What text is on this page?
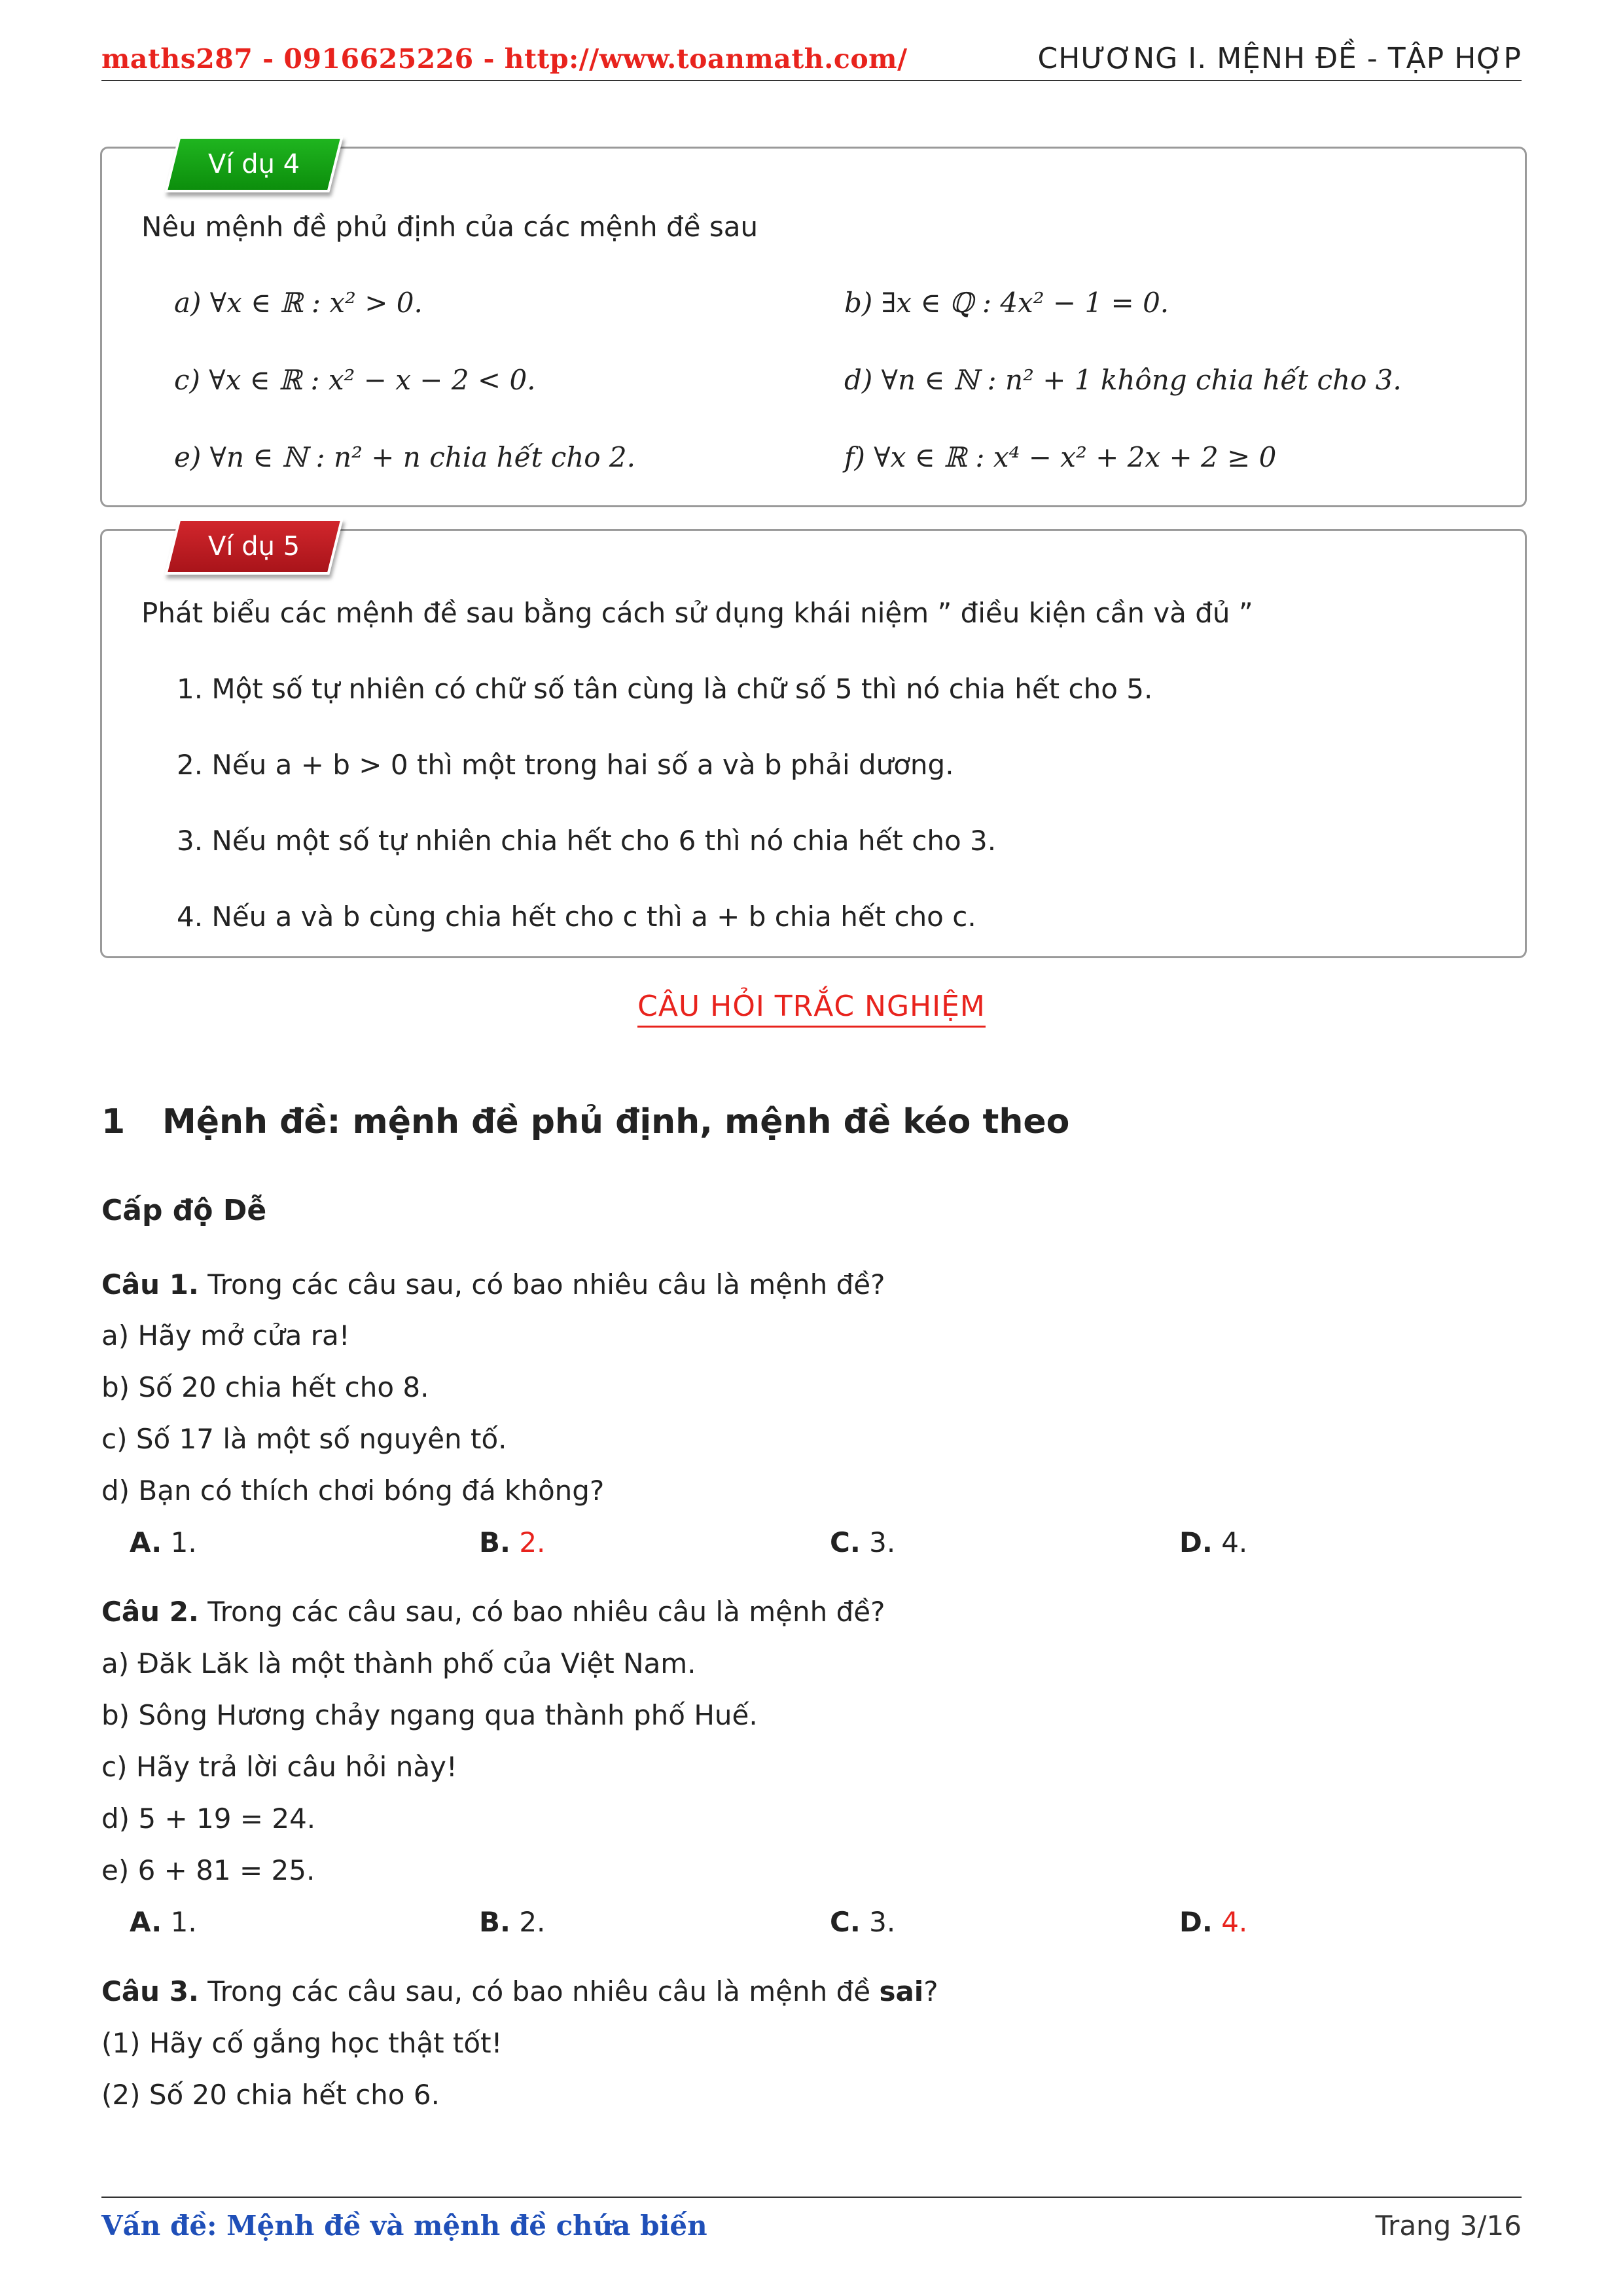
maths287 - 0916625226 - http://www.toanmath.com/	CHƯƠNG I. MỆNH ĐỀ - TẬP HỢP
Ví dụ 4
Nêu mệnh đề phủ định của các mệnh đề sau
a) ∀x ∈ ℝ : x² > 0.	b) ∃x ∈ ℚ : 4x² − 1 = 0.
c) ∀x ∈ ℝ : x² − x − 2 < 0.	d) ∀n ∈ ℕ : n² + 1 không chia hết cho 3.
e) ∀n ∈ ℕ : n² + n chia hết cho 2.	f) ∀x ∈ ℝ : x⁴ − x² + 2x + 2 ≥ 0
Ví dụ 5
Phát biểu các mệnh đề sau bằng cách sử dụng khái niệm ” điều kiện cần và đủ ”
1. Một số tự nhiên có chữ số tân cùng là chữ số 5 thì nó chia hết cho 5.
2. Nếu a + b > 0 thì một trong hai số a và b phải dương.
3. Nếu một số tự nhiên chia hết cho 6 thì nó chia hết cho 3.
4. Nếu a và b cùng chia hết cho c thì a + b chia hết cho c.
CÂU HỎI TRẮC NGHIỆM
1 Mệnh đề: mệnh đề phủ định, mệnh đề kéo theo
Cấp độ Dễ
Câu 1. Trong các câu sau, có bao nhiêu câu là mệnh đề?
a) Hãy mở cửa ra!
b) Số 20 chia hết cho 8.
c) Số 17 là một số nguyên tố.
d) Bạn có thích chơi bóng đá không?
A. 1.	B. 2.	C. 3.	D. 4.
Câu 2. Trong các câu sau, có bao nhiêu câu là mệnh đề?
a) Đăk Lăk là một thành phố của Việt Nam.
b) Sông Hương chảy ngang qua thành phố Huế.
c) Hãy trả lời câu hỏi này!
d) 5 + 19 = 24.
e) 6 + 81 = 25.
A. 1.	B. 2.	C. 3.	D. 4.
Câu 3. Trong các câu sau, có bao nhiêu câu là mệnh đề sai?
(1) Hãy cố gắng học thật tốt!
(2) Số 20 chia hết cho 6.
Vấn đề: Mệnh đề và mệnh đề chứa biến	Trang 3/16
